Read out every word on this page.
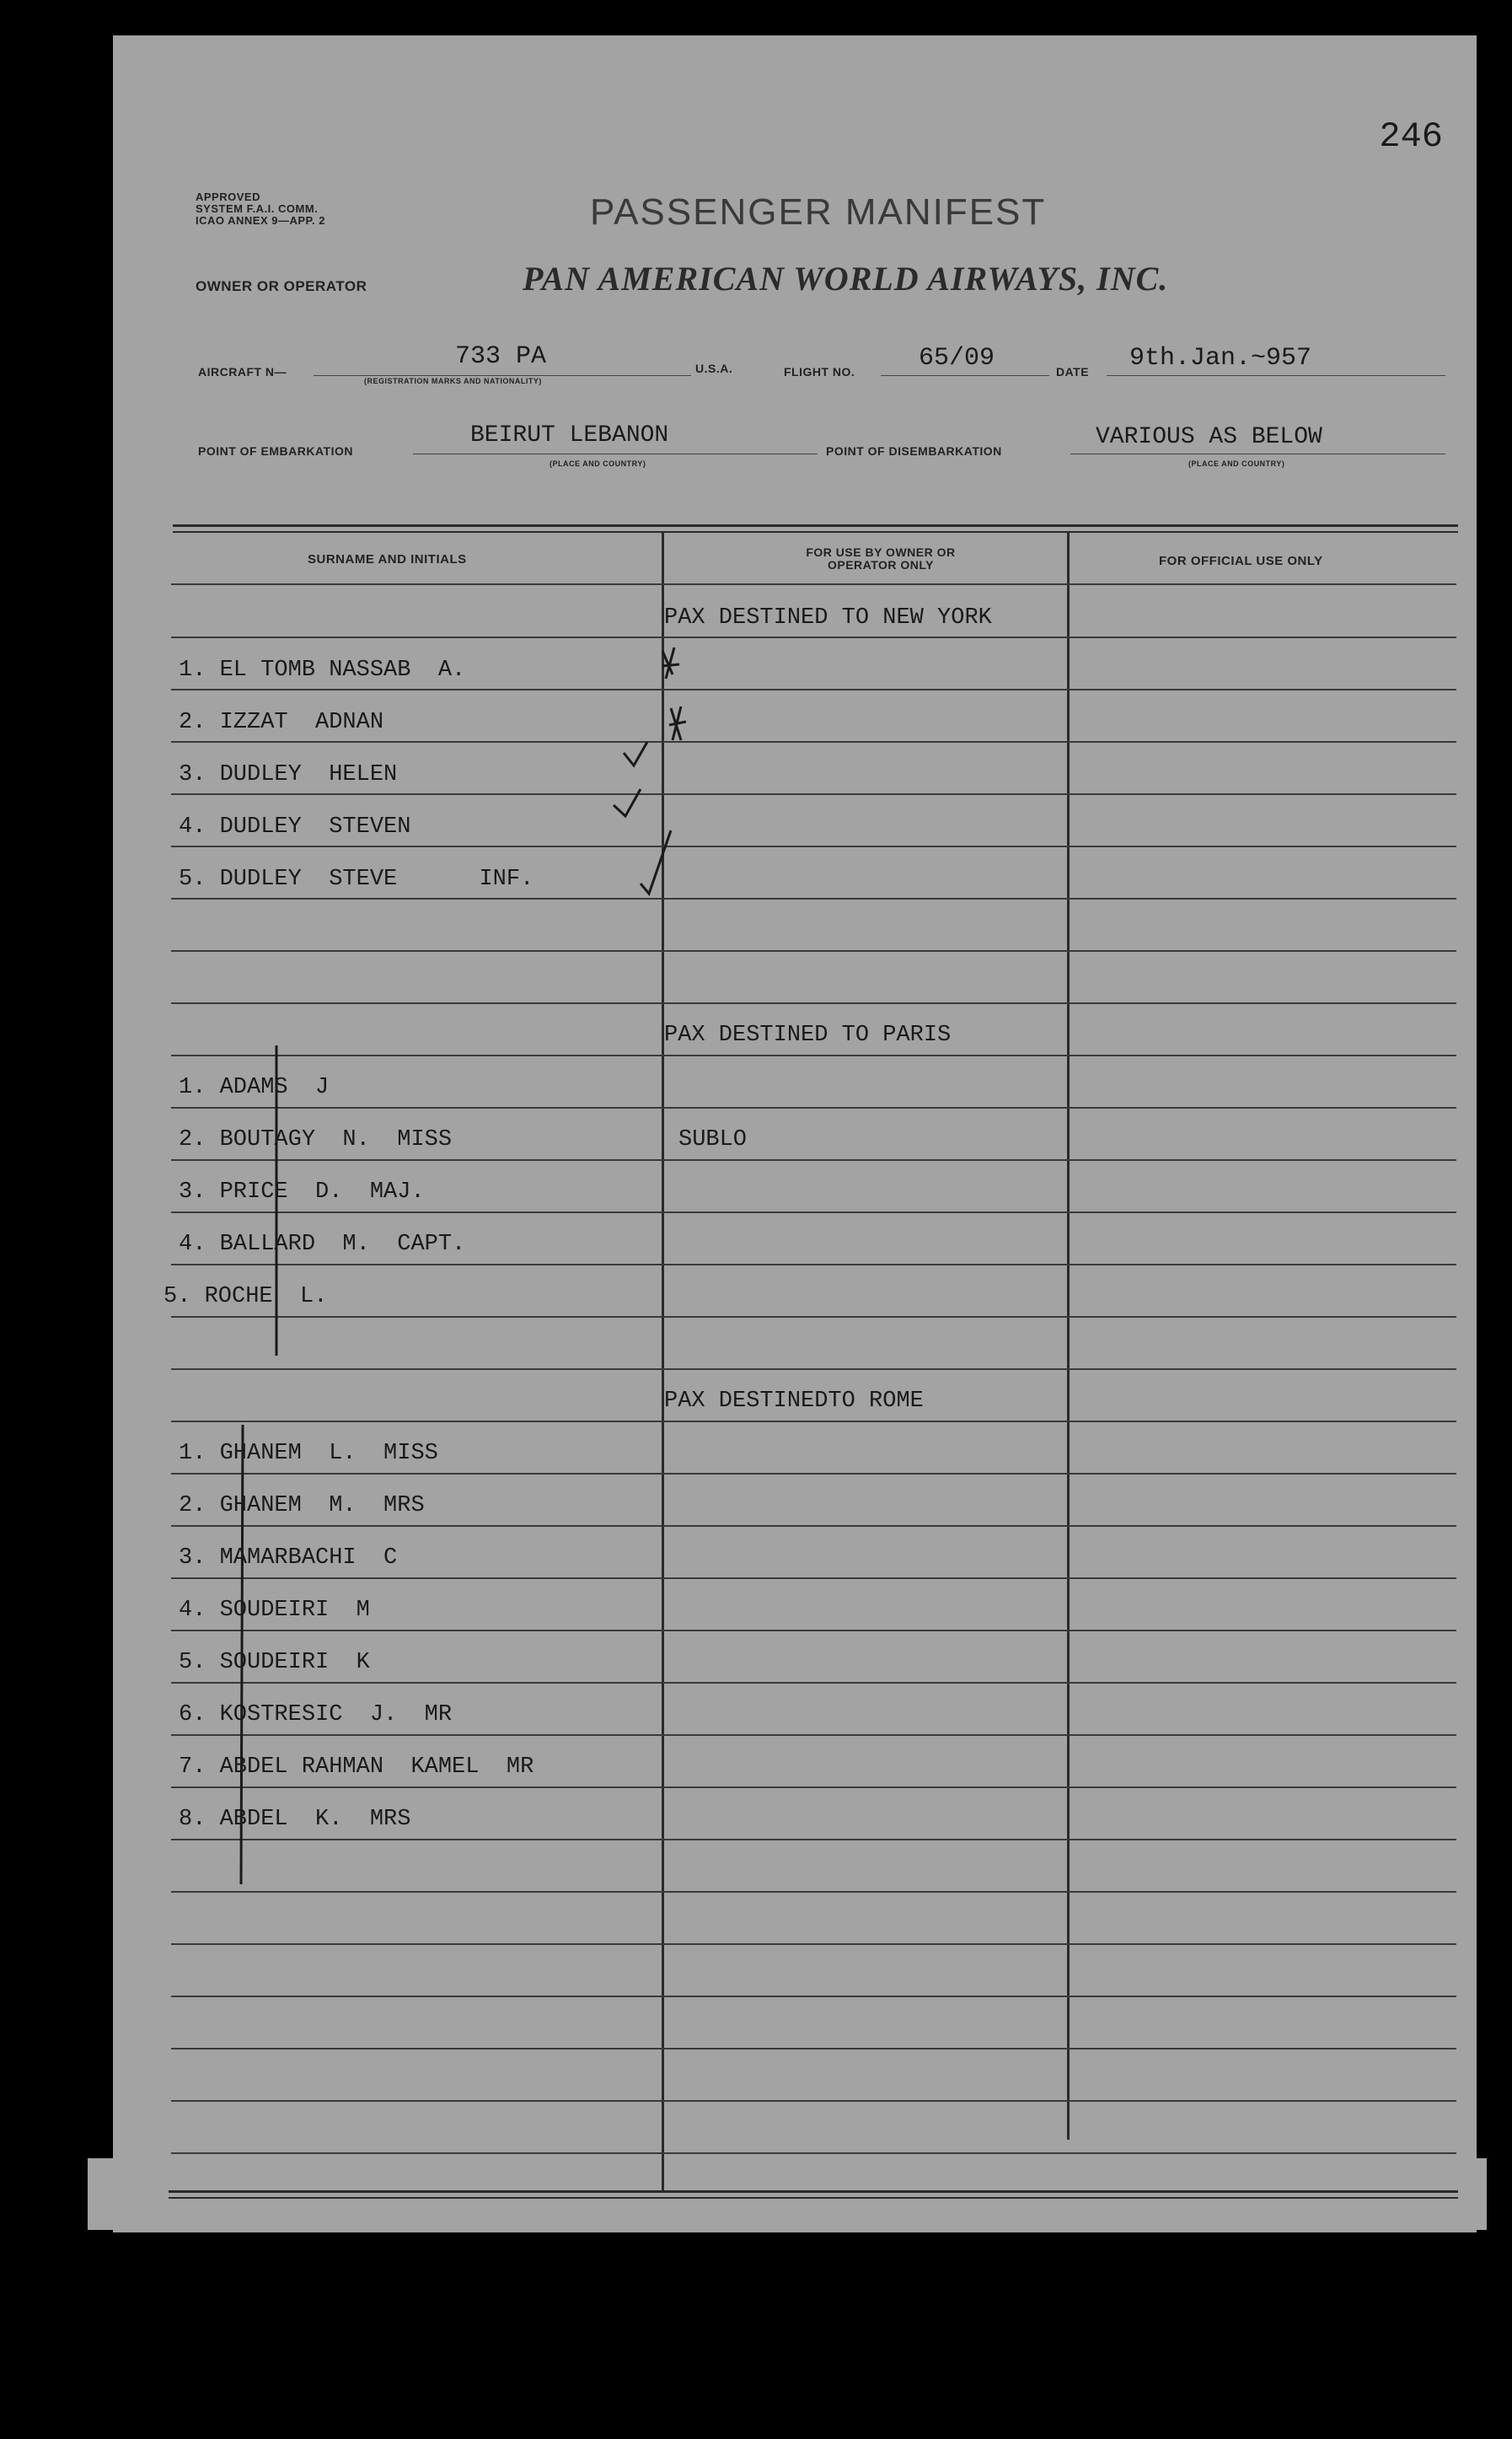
246
APPROVED
SYSTEM F.A.I. COMM.
ICAO ANNEX 9—APP. 2	PASSENGER MANIFEST
OWNER OR OPERATOR	PAN AMERICAN WORLD AIRWAYS, INC.
AIRCRAFT N—
733 PA
(REGISTRATION MARKS AND NATIONALITY)
U.S.A.	FLIGHT NO.	65/09	DATE 9th.Jan.~957
POINT OF EMBARKATION
BEIRUT LEBANON
(PLACE AND COUNTRY)
POINT OF DISEMBARKATION
VARIOUS AS BELOW
(PLACE AND COUNTRY)
SURNAME AND INITIALS	FOR USE BY OWNER OR OPERATOR ONLY	FOR OFFICIAL USE ONLY
PAX DESTINED TO NEW YORK
1. EL TOMB NASSAB  A.
2. IZZAT  ADNAN
3. DUDLEY  HELEN
4. DUDLEY  STEVEN
5. DUDLEY  STEVE      INF.
PAX DESTINED TO PARIS
1. ADAMS  J
2. BOUTAGY  N.  MISS	SUBLO
3. PRICE  D.  MAJ.
4. BALLARD  M.  CAPT.
5. ROCHE  L.
PAX DESTINEDTO ROME
1. GHANEM  L.  MISS
2. GHANEM  M.  MRS
3. MAMARBACHI  C
4. SOUDEIRI  M
5. SOUDEIRI  K
6. KOSTRESIC  J.  MR
7. ABDEL RAHMAN  KAMEL  MR
8. ABDEL  K.  MRS
